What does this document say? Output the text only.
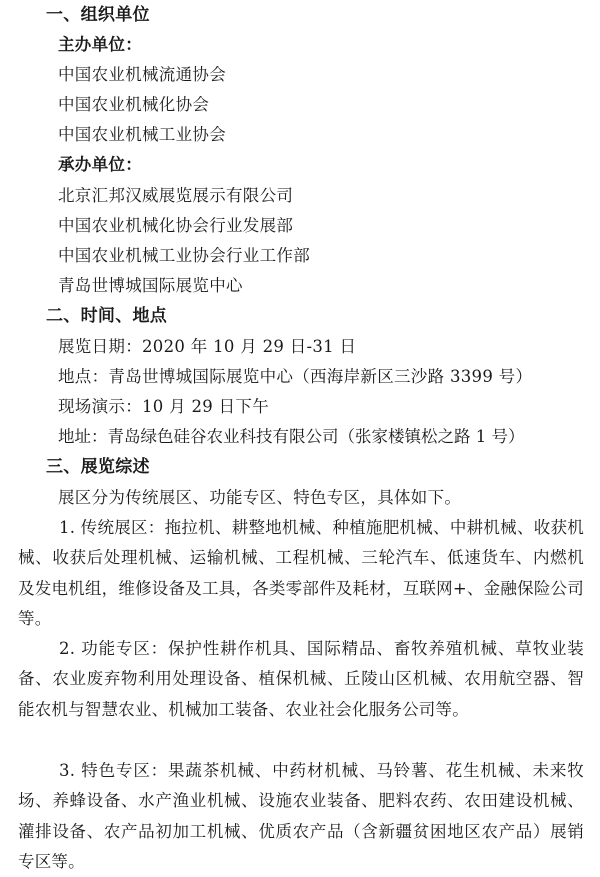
一、组织单位
主办单位：
中国农业机械流通协会
中国农业机械化协会
中国农业机械工业协会
承办单位：
北京汇邦汉威展览展示有限公司
中国农业机械化协会行业发展部
中国农业机械工业协会行业工作部
青岛世博城国际展览中心
二、时间、地点
展览日期：2020 年 10 月 29 日-31 日
地点：青岛世博城国际展览中心（西海岸新区三沙路 3399 号）
现场演示：10 月 29 日下午
地址：青岛绿色硅谷农业科技有限公司（张家楼镇松之路 1 号）
三、展览综述
展区分为传统展区、功能专区、特色专区，具体如下。
1. 传统展区：拖拉机、耕整地机械、种植施肥机械、中耕机械、收获机械、收获后处理机械、运输机械、工程机械、三轮汽车、低速货车、内燃机及发电机组，维修设备及工具，各类零部件及耗材，互联网+、金融保险公司等。
2. 功能专区：保护性耕作机具、国际精品、畜牧养殖机械、草牧业装备、农业废弃物利用处理设备、植保机械、丘陵山区机械、农用航空器、智能农机与智慧农业、机械加工装备、农业社会化服务公司等。
3. 特色专区：果蔬茶机械、中药材机械、马铃薯、花生机械、未来牧场、养蜂设备、水产渔业机械、设施农业装备、肥料农药、农田建设机械、灌排设备、农产品初加工机械、优质农产品（含新疆贫困地区农产品）展销专区等。
